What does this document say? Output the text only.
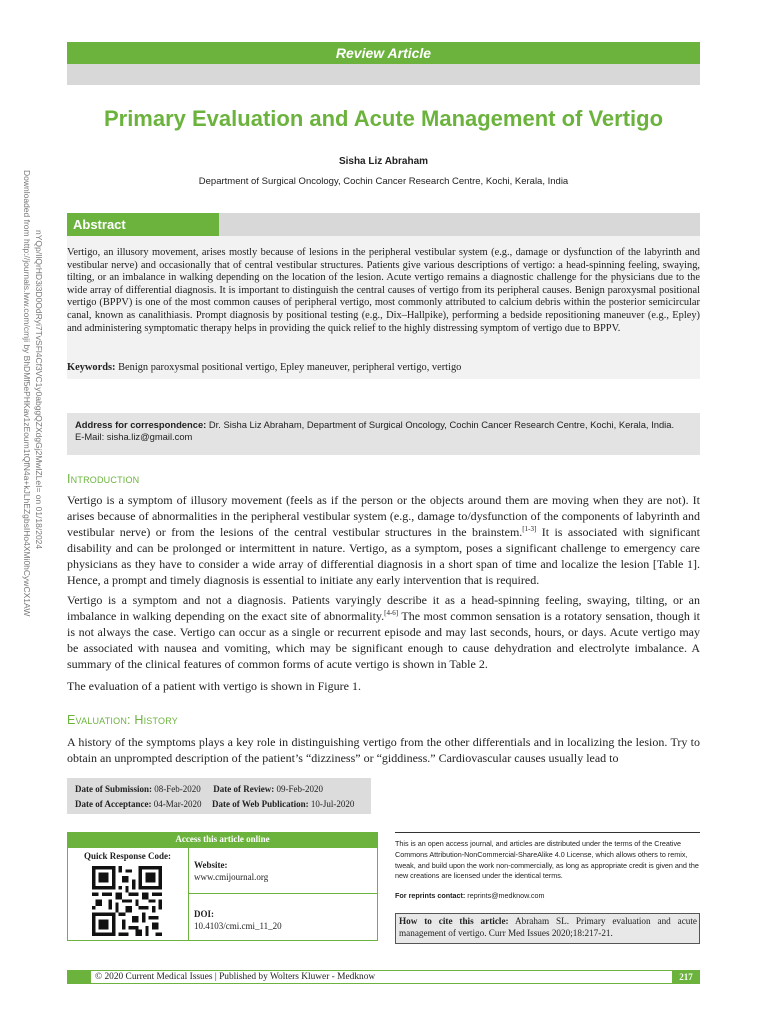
Downloaded from http://journals.lww.com/cmji by BhDMf5ePHKav1zEoum1tQfN4a+kJLhEZgbsIHo4XMi0hCywCX1AW nYQp/IlQrHD3i3D0OdRyi7TvSFl4Cf3VC1y0abggQZXdgGj2MwlZLeI= on 01/18/2024
Review Article
Primary Evaluation and Acute Management of Vertigo
Sisha Liz Abraham
Department of Surgical Oncology, Cochin Cancer Research Centre, Kochi, Kerala, India
Abstract
Vertigo, an illusory movement, arises mostly because of lesions in the peripheral vestibular system (e.g., damage or dysfunction of the labyrinth and vestibular nerve) and occasionally that of central vestibular structures. Patients give various descriptions of vertigo: a head-spinning feeling, swaying, tilting, or an imbalance in walking depending on the location of the lesion. Acute vertigo remains a diagnostic challenge for the physicians due to the wide array of differential diagnosis. It is important to distinguish the central causes of vertigo from its peripheral causes. Benign paroxysmal positional vertigo (BPPV) is one of the most common causes of peripheral vertigo, most commonly attributed to calcium debris within the posterior semicircular canal, known as canalithiasis. Prompt diagnosis by positional testing (e.g., Dix–Hallpike), performing a bedside repositioning maneuver (e.g., Epley) and administering symptomatic therapy helps in providing the quick relief to the highly distressing symptom of vertigo due to BPPV.
Keywords: Benign paroxysmal positional vertigo, Epley maneuver, peripheral vertigo, vertigo
Address for correspondence: Dr. Sisha Liz Abraham, Department of Surgical Oncology, Cochin Cancer Research Centre, Kochi, Kerala, India.
E-Mail: sisha.liz@gmail.com
Introduction
Vertigo is a symptom of illusory movement (feels as if the person or the objects around them are moving when they are not). It arises because of abnormalities in the peripheral vestibular system (e.g., damage to/dysfunction of the components of labyrinth and vestibular nerve) or from the lesions of the central vestibular structures in the brainstem.[1-3] It is associated with significant disability and can be prolonged or intermittent in nature. Vertigo, as a symptom, poses a significant challenge to emergency care physicians as they have to consider a wide array of differential diagnosis in a short span of time and localize the lesion [Table 1]. Hence, a prompt and timely diagnosis is essential to initiate any early intervention that is required.
Vertigo is a symptom and not a diagnosis. Patients varyingly describe it as a head-spinning feeling, swaying, tilting, or an imbalance in walking depending on the exact site of abnormality.[4-6] The most common sensation is a rotatory sensation, though it is not always the case. Vertigo can occur as a single or recurrent episode and may last seconds, hours, or days. Acute vertigo may be associated with nausea and vomiting, which may be significant enough to cause dehydration and electrolyte imbalance. A summary of the clinical features of common forms of acute vertigo is shown in Table 2.
The evaluation of a patient with vertigo is shown in Figure 1.
Evaluation: History
A history of the symptoms plays a key role in distinguishing vertigo from the other differentials and in localizing the lesion. Try to obtain an unprompted description of the patient’s “dizziness” or “giddiness.” Cardiovascular causes usually lead to
Date of Submission: 08-Feb-2020 Date of Review: 09-Feb-2020
Date of Acceptance: 04-Mar-2020 Date of Web Publication: 10-Jul-2020
Access this article online
Quick Response Code:
Website:
www.cmijournal.org
DOI:
10.4103/cmi.cmi_11_20
This is an open access journal, and articles are distributed under the terms of the Creative Commons Attribution-NonCommercial-ShareAlike 4.0 License, which allows others to remix, tweak, and build upon the work non-commercially, as long as appropriate credit is given and the new creations are licensed under the identical terms.
For reprints contact: reprints@medknow.com
How to cite this article: Abraham SL. Primary evaluation and acute management of vertigo. Curr Med Issues 2020;18:217-21.
© 2020 Current Medical Issues | Published by Wolters Kluwer - Medknow	217
